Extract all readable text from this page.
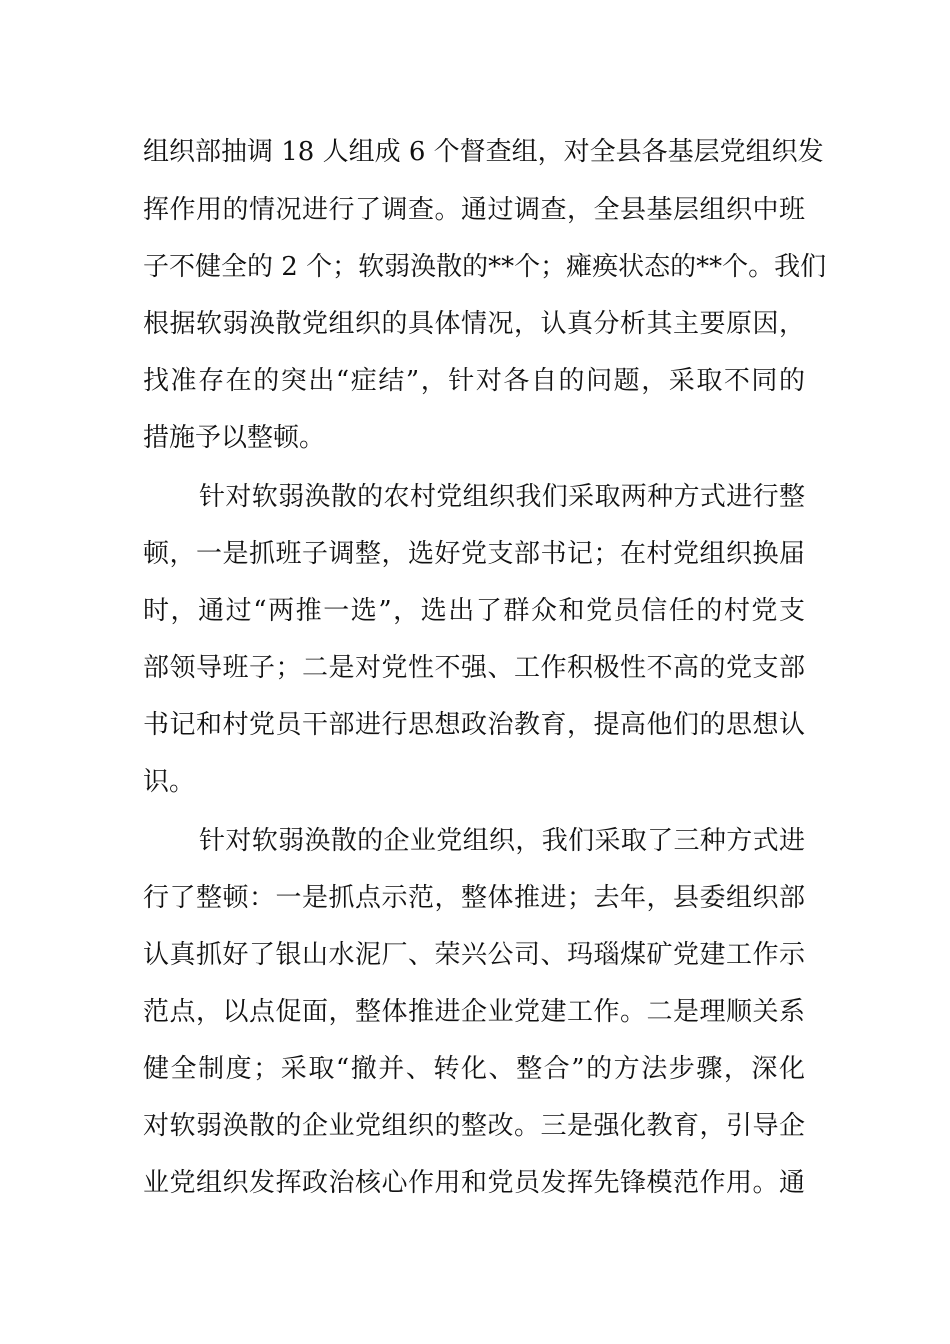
组织部抽调 18 人组成 6 个督查组，对全县各基层党组织发
挥作用的情况进行了调查。通过调查，全县基层组织中班
子不健全的 2 个；软弱涣散的**个；瘫痪状态的**个。我们
根据软弱涣散党组织的具体情况，认真分析其主要原因，
找准存在的突出“症结”，针对各自的问题，采取不同的
措施予以整顿。
针对软弱涣散的农村党组织我们采取两种方式进行整
顿，一是抓班子调整，选好党支部书记；在村党组织换届
时，通过“两推一选”，选出了群众和党员信任的村党支
部领导班子；二是对党性不强、工作积极性不高的党支部
书记和村党员干部进行思想政治教育，提高他们的思想认
识。
针对软弱涣散的企业党组织，我们采取了三种方式进
行了整顿：一是抓点示范，整体推进；去年，县委组织部
认真抓好了银山水泥厂、荣兴公司、玛瑙煤矿党建工作示
范点，以点促面，整体推进企业党建工作。二是理顺关系
健全制度；采取“撤并、转化、整合”的方法步骤，深化
对软弱涣散的企业党组织的整改。三是强化教育，引导企
业党组织发挥政治核心作用和党员发挥先锋模范作用。通
